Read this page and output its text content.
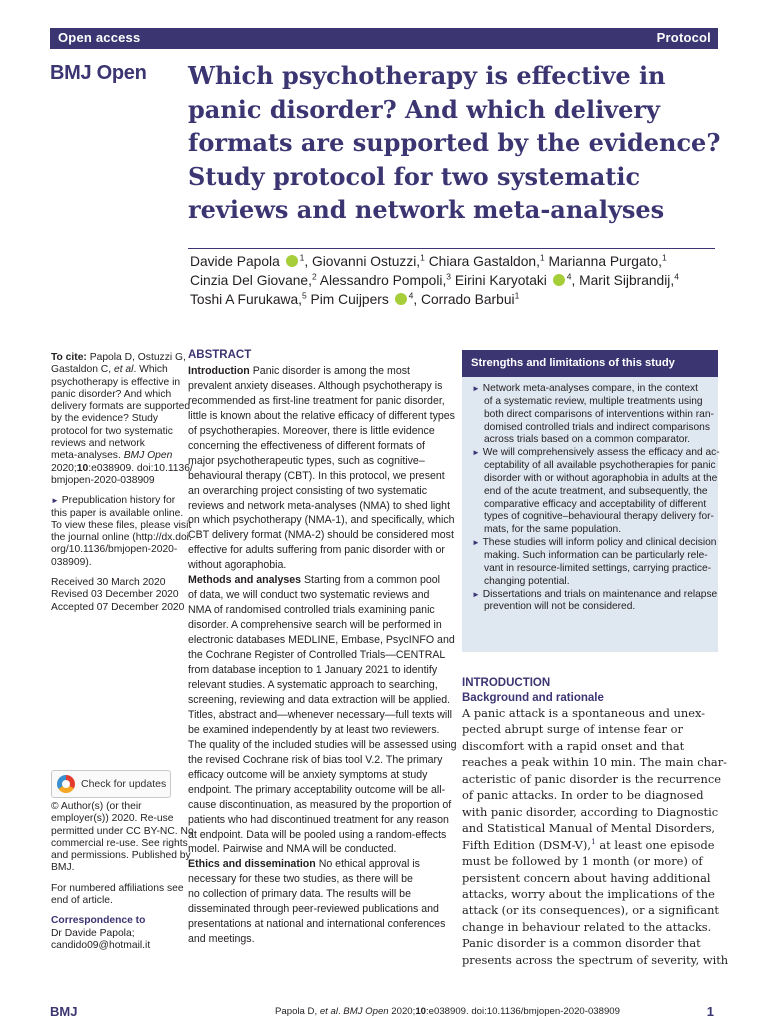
Open access	Protocol
BMJ Open Which psychotherapy is effective in
panic disorder? And which delivery
formats are supported by the evidence?
Study protocol for two systematic
reviews and network meta-analyses
Davide Papola $^1$, Giovanni Ostuzzi,$^1$ Chiara Gastaldon,$^1$ Marianna Purgato,$^1$
Cinzia Del Giovane,$^2$ Alessandro Pompoli,$^3$ Eirini Karyotaki $^4$, Marit Sijbrandij,$^4$
Toshi A Furukawa,$^5$ Pim Cuijpers $^4$, Corrado Barbui$^1$
To cite: Papola D, Ostuzzi G,
Gastaldon C, et al. Which
psychotherapy is effective in
panic disorder? And which
delivery formats are supported
by the evidence? Study
protocol for two systematic
reviews and network
meta-analyses. BMJ Open
2020;10:e038909. doi:10.1136/
bmjopen-2020-038909
► Prepublication history for
this paper is available online.
To view these files, please visit
the journal online (http://dx.doi.
org/10.1136/bmjopen-2020-
038909).
Received 30 March 2020
Revised 03 December 2020
Accepted 07 December 2020
Check for updates
© Author(s) (or their
employer(s)) 2020. Re-use
permitted under CC BY-NC. No
commercial re-use. See rights
and permissions. Published by
BMJ.
For numbered affiliations see
end of article.
Correspondence to
Dr Davide Papola;
candido09@hotmail.it
ABSTRACT
Introduction Panic disorder is among the most
prevalent anxiety diseases. Although psychotherapy is
recommended as first-line treatment for panic disorder,
little is known about the relative efficacy of different types
of psychotherapies. Moreover, there is little evidence
concerning the effectiveness of different formats of
major psychotherapeutic types, such as cognitive–
behavioural therapy (CBT). In this protocol, we present
an overarching project consisting of two systematic
reviews and network meta-analyses (NMA) to shed light
on which psychotherapy (NMA-1), and specifically, which
CBT delivery format (NMA-2) should be considered most
effective for adults suffering from panic disorder with or
without agoraphobia.
Methods and analyses Starting from a common pool
of data, we will conduct two systematic reviews and
NMA of randomised controlled trials examining panic
disorder. A comprehensive search will be performed in
electronic databases MEDLINE, Embase, PsycINFO and
the Cochrane Register of Controlled Trials—CENTRAL
from database inception to 1 January 2021 to identify
relevant studies. A systematic approach to searching,
screening, reviewing and data extraction will be applied.
Titles, abstract and—whenever necessary—full texts will
be examined independently by at least two reviewers.
The quality of the included studies will be assessed using
the revised Cochrane risk of bias tool V.2. The primary
efficacy outcome will be anxiety symptoms at study
endpoint. The primary acceptability outcome will be all-
cause discontinuation, as measured by the proportion of
patients who had discontinued treatment for any reason
at endpoint. Data will be pooled using a random-effects
model. Pairwise and NMA will be conducted.
Ethics and dissemination No ethical approval is
necessary for these two studies, as there will be
no collection of primary data. The results will be
disseminated through peer-reviewed publications and
presentations at national and international conferences
and meetings.
Strengths and limitations of this study
► Network meta-analyses compare, in the context
of a systematic review, multiple treatments using
both direct comparisons of interventions within ran-
domised controlled trials and indirect comparisons
across trials based on a common comparator.
► We will comprehensively assess the efficacy and ac-
ceptability of all available psychotherapies for panic
disorder with or without agoraphobia in adults at the
end of the acute treatment, and subsequently, the
comparative efficacy and acceptability of different
types of cognitive–behavioural therapy delivery for-
mats, for the same population.
► These studies will inform policy and clinical decision
making. Such information can be particularly rele-
vant in resource-limited settings, carrying practice-
changing potential.
► Dissertations and trials on maintenance and relapse
prevention will not be considered.
INTRODUCTION
Background and rationale
A panic attack is a spontaneous and unex-
pected abrupt surge of intense fear or
discomfort with a rapid onset and that
reaches a peak within 10 min. The main char-
acteristic of panic disorder is the recurrence
of panic attacks. In order to be diagnosed
with panic disorder, according to Diagnostic
and Statistical Manual of Mental Disorders,
Fifth Edition (DSM-V),$^1$ at least one episode
must be followed by 1 month (or more) of
persistent concern about having additional
attacks, worry about the implications of the
attack (or its consequences), or a significant
change in behaviour related to the attacks.
Panic disorder is a common disorder that
presents across the spectrum of severity, with
BMJ	Papola D, et al. BMJ Open 2020;10:e038909. doi:10.1136/bmjopen-2020-038909	1
